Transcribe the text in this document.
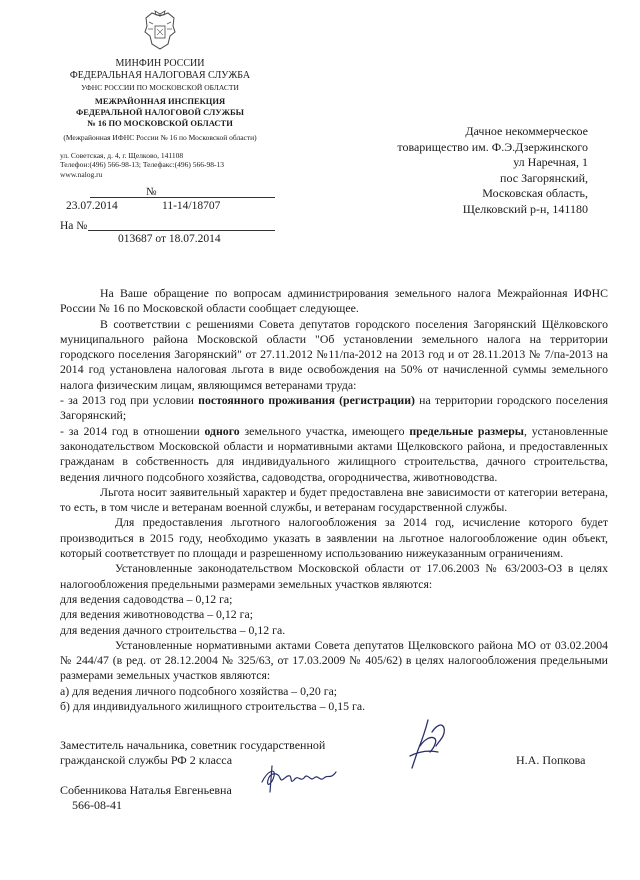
МИНФИН РОССИИ
ФЕДЕРАЛЬНАЯ НАЛОГОВАЯ СЛУЖБА
УФНС РОССИИ ПО МОСКОВСКОЙ ОБЛАСТИ
МЕЖРАЙОННАЯ ИНСПЕКЦИЯ
ФЕДЕРАЛЬНОЙ НАЛОГОВОЙ СЛУЖБЫ
№ 16 ПО МОСКОВСКОЙ ОБЛАСТИ
(Межрайонная ИФНС России № 16 по Московской области)
ул. Советская, д. 4, г. Щелково, 141108
Телефон:(496) 566-98-13; Телефакс:(496) 566-98-13
www.nalog.ru
№
23.07.2014	11-14/18707
На №
013687 от 18.07.2014
Дачное некоммерческое
товарищество им. Ф.Э.Дзержинского
ул Наречная, 1
пос Загорянский,
Московская область,
Щелковский р-н, 141180

На Ваше обращение по вопросам администрирования земельного налога Межрайонная ИФНС России № 16 по Московской области сообщает следующее.

В соответствии с решениями Совета депутатов городского поселения Загорянский Щёлковского муниципального района Московской области "Об установлении земельного налога на территории городского поселения Загорянский" от 27.11.2012 №11/па-2012 на 2013 год и от 28.11.2013 № 7/па-2013 на 2014 год установлена налоговая льгота в виде освобождения на 50% от начисленной суммы земельного налога физическим лицам, являющимся ветеранами труда:

- за 2013 год при условии постоянного проживания (регистрации) на территории городского поселения Загорянский;

- за 2014 год в отношении одного земельного участка, имеющего предельные размеры, установленные законодательством Московской области и нормативными актами Щелковского района, и предоставленных гражданам в собственность для индивидуального жилищного строительства, дачного строительства, ведения личного подсобного хозяйства, садоводства, огородничества, животноводства.

Льгота носит заявительный характер и будет предоставлена вне зависимости от категории ветерана, то есть, в том числе и ветеранам военной службы, и ветеранам государственной службы.

Для предоставления льготного налогообложения за 2014 год, исчисление которого будет производиться в 2015 году, необходимо указать в заявлении на льготное налогообложение один объект, который соответствует по площади и разрешенному использованию нижеуказанным ограничениям.

Установленные законодательством Московской области от 17.06.2003 № 63/2003-ОЗ в целях налогообложения предельными размерами земельных участков являются:

для ведения садоводства – 0,12 га;

для ведения животноводства – 0,12 га;

для ведения дачного строительства – 0,12 га.

Установленные нормативными актами Совета депутатов Щелковского района МО от 03.02.2004 № 244/47 (в ред. от 28.12.2004 № 325/63, от 17.03.2009 № 405/62) в целях налогообложения предельными размерами земельных участков являются:

а) для ведения личного подсобного хозяйства – 0,20 га;

б) для индивидуального жилищного строительства – 0,15 га.

Заместитель начальника, советник государственной
гражданской службы РФ 2 класса	Н.А. Попкова
Собенникова Наталья Евгеньевна
566-08-41
